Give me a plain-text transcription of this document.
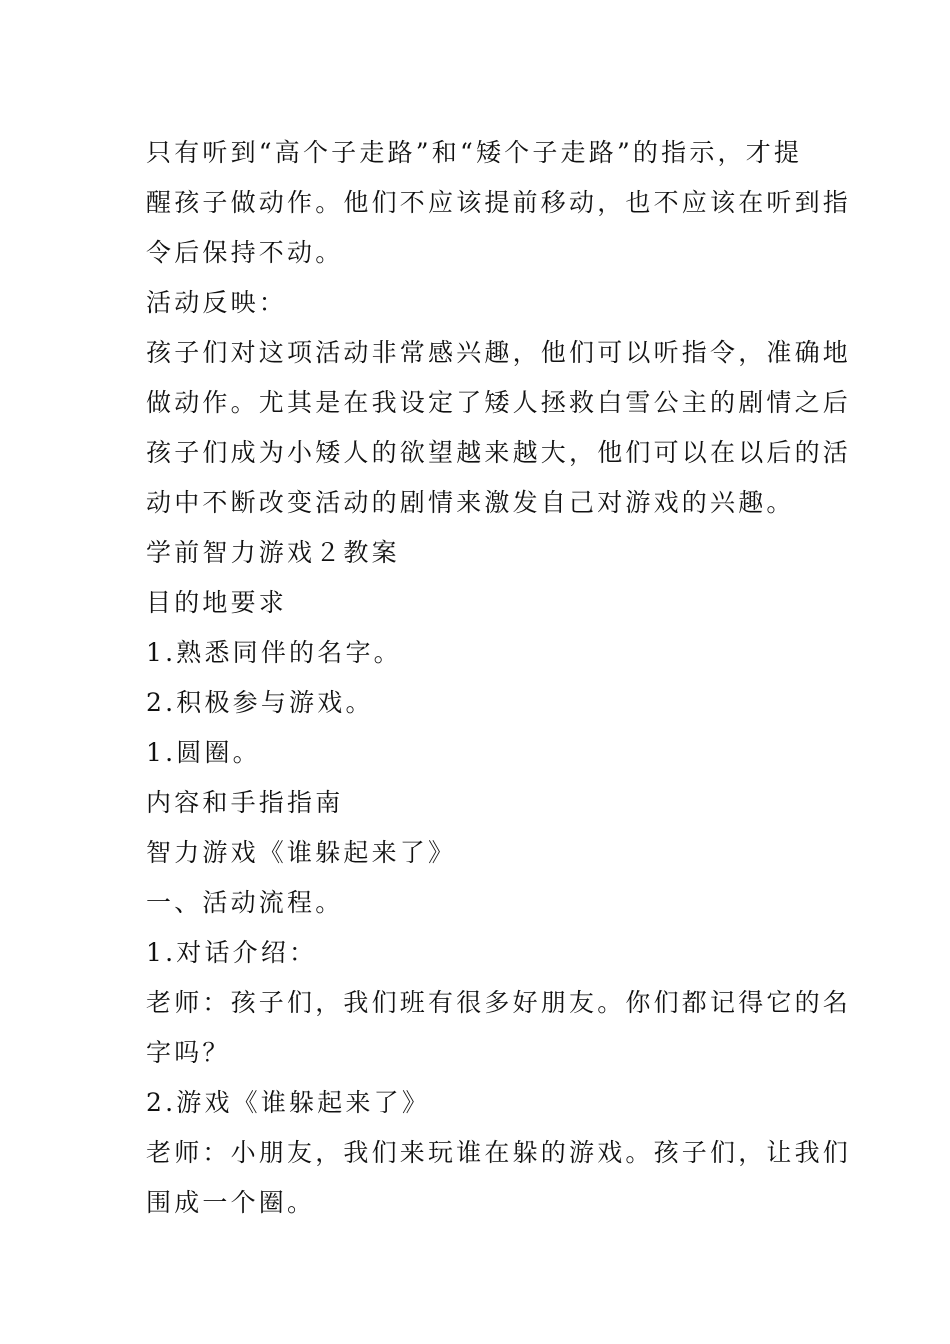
只有听到“高个子走路”和“矮个子走路”的指示，才提
醒孩子做动作。他们不应该提前移动，也不应该在听到指
令后保持不动。

活动反映：

孩子们对这项活动非常感兴趣，他们可以听指令，准确地
做动作。尤其是在我设定了矮人拯救白雪公主的剧情之后
孩子们成为小矮人的欲望越来越大，他们可以在以后的活
动中不断改变活动的剧情来激发自己对游戏的兴趣。

学前智力游戏２教案

目的地要求

1.熟悉同伴的名字。

2.积极参与游戏。

1.圆圈。

内容和手指指南

智力游戏《谁躲起来了》

一、活动流程。

1.对话介绍：

老师：孩子们，我们班有很多好朋友。你们都记得它的名
字吗？

2.游戏《谁躲起来了》

老师：小朋友，我们来玩谁在躲的游戏。孩子们，让我们
围成一个圈。
